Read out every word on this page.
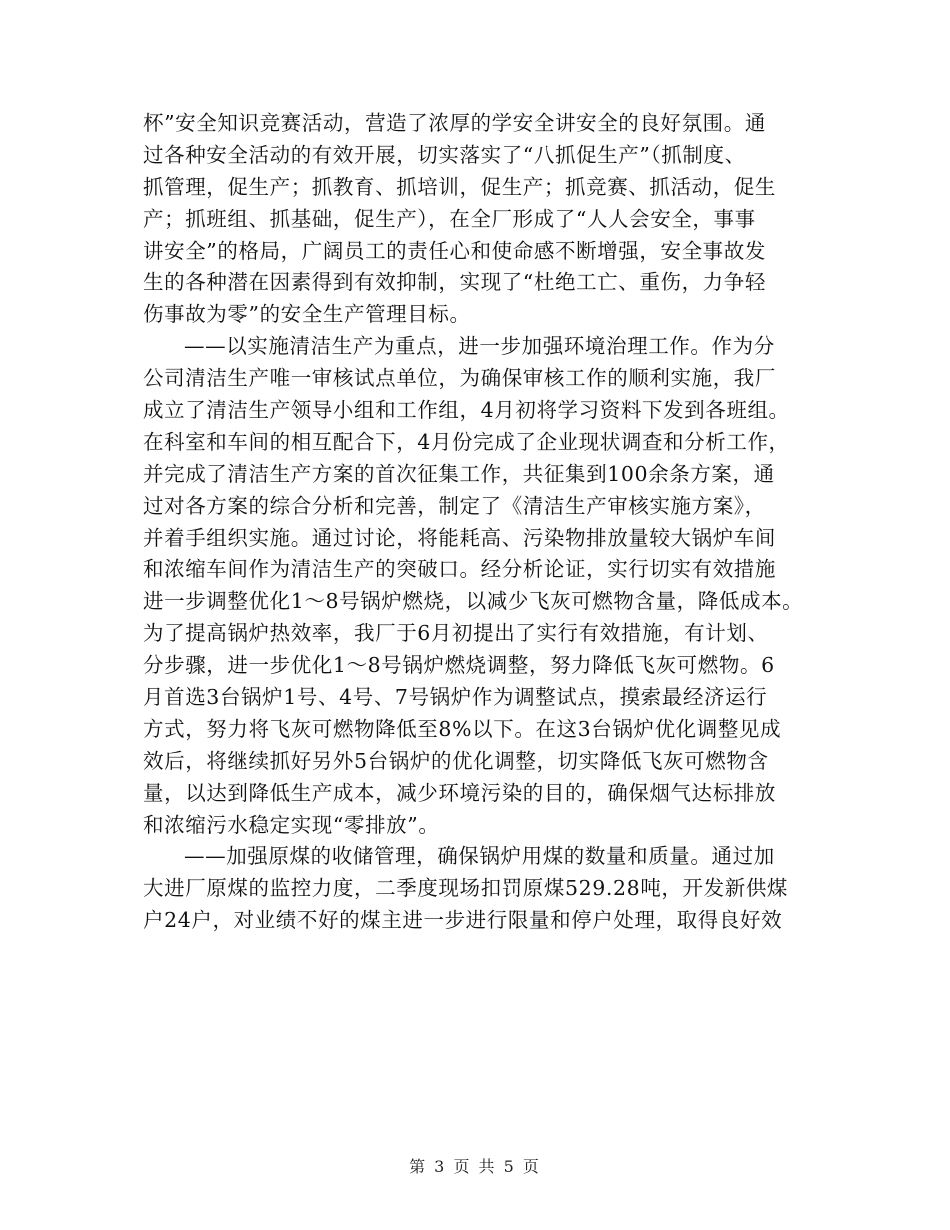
杯”安全知识竞赛活动，营造了浓厚的学安全讲安全的良好氛围。通
过各种安全活动的有效开展，切实落实了“八抓促生产”（抓制度、
抓管理，促生产；抓教育、抓培训，促生产；抓竞赛、抓活动，促生
产；抓班组、抓基础，促生产），在全厂形成了“人人会安全，事事
讲安全”的格局，广阔员工的责任心和使命感不断增强，安全事故发
生的各种潜在因素得到有效抑制，实现了“杜绝工亡、重伤，力争轻
伤事故为零”的安全生产管理目标。
——以实施清洁生产为重点，进一步加强环境治理工作。作为分
公司清洁生产唯一审核试点单位，为确保审核工作的顺利实施，我厂
成立了清洁生产领导小组和工作组，4月初将学习资料下发到各班组。
在科室和车间的相互配合下，4月份完成了企业现状调查和分析工作，
并完成了清洁生产方案的首次征集工作，共征集到100余条方案，通
过对各方案的综合分析和完善，制定了《清洁生产审核实施方案》，
并着手组织实施。通过讨论，将能耗高、污染物排放量较大锅炉车间
和浓缩车间作为清洁生产的突破口。经分析论证，实行切实有效措施
进一步调整优化1～8号锅炉燃烧，以减少飞灰可燃物含量，降低成本。
为了提高锅炉热效率，我厂于6月初提出了实行有效措施，有计划、
分步骤，进一步优化1～8号锅炉燃烧调整，努力降低飞灰可燃物。6
月首选3台锅炉1号、4号、7号锅炉作为调整试点，摸索最经济运行
方式，努力将飞灰可燃物降低至8%以下。在这3台锅炉优化调整见成
效后，将继续抓好另外5台锅炉的优化调整，切实降低飞灰可燃物含
量，以达到降低生产成本，减少环境污染的目的，确保烟气达标排放
和浓缩污水稳定实现“零排放”。
——加强原煤的收储管理，确保锅炉用煤的数量和质量。通过加
大进厂原煤的监控力度，二季度现场扣罚原煤529.28吨，开发新供煤
户24户，对业绩不好的煤主进一步进行限量和停户处理，取得良好效
第 3 页 共 5 页
